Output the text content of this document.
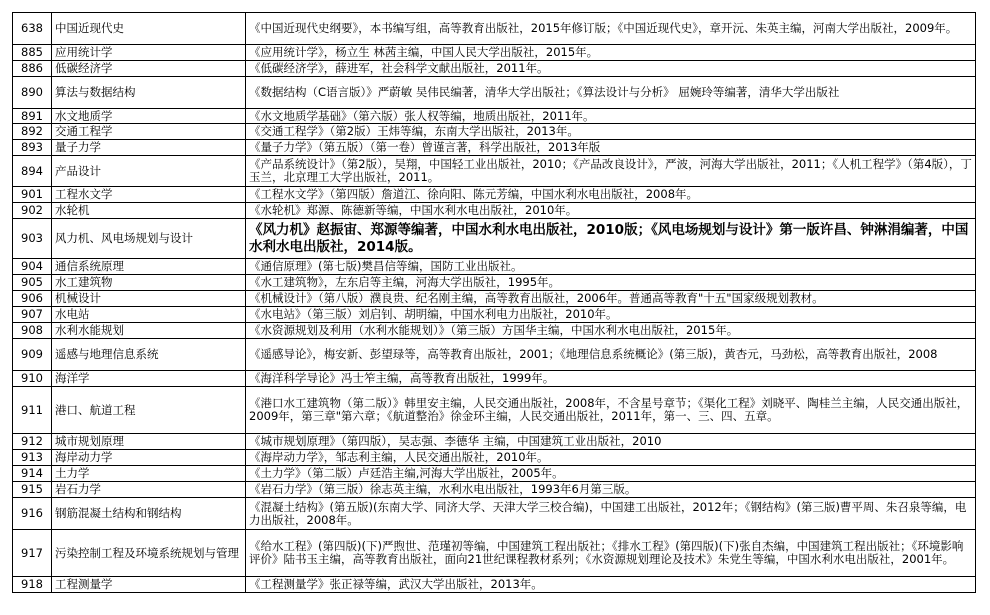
638	中国近现代史	《中国近现代史纲要》，本书编写组，高等教育出版社，2015年修订版；《中国近现代史》，章开沅、朱英主编，河南大学出版社，2009年。
885	应用统计学	《应用统计学》，杨立生 林茜主编，中国人民大学出版社，2015年。
886	低碳经济学	《低碳经济学》，薛进军，社会科学文献出版社，2011年。
890	算法与数据结构	《数据结构（C语言版）》严蔚敏 吴伟民编著，清华大学出版社；《算法设计与分析》 屈婉玲等编著，清华大学出版社
891	水文地质学	《水文地质学基础》（第六版）张人权等编，地质出版社，2011年。
892	交通工程学	《交通工程学》（第2版）王炜等编，东南大学出版社，2013年。
893	量子力学	《量子力学》（第五版）（第一卷）曾谨言著，科学出版社，2013年版
894	产品设计	《产品系统设计》（第2版），吴翔，中国轻工业出版社，2010；《产品改良设计》，严波，河海大学出版社，2011；《人机工程学》（第4版），丁玉兰，北京理工大学出版社，2011。
901	工程水文学	《工程水文学》（第四版）詹道江、徐向阳、陈元芳编，中国水利水电出版社，2008年。
902	水轮机	《水轮机》郑源、陈德新等编，中国水利水电出版社，2010年。
903	风力机、风电场规划与设计	《风力机》赵振宙、郑源等编著，中国水利水电出版社，2010版；《风电场规划与设计》第一版许昌、钟淋涓编著，中国水利水电出版社，2014版。
904	通信系统原理	《通信原理》(第七版)樊昌信等编，国防工业出版社。
905	水工建筑物	《水工建筑物》，左东启等主编，河海大学出版社，1995年。
906	机械设计	《机械设计》（第八版）濮良贵、纪名刚主编，高等教育出版社，2006年。普通高等教育"十五"国家级规划教材。
907	水电站	《水电站》（第三版）刘启钊、胡明编，中国水利电力出版社，2010年。
908	水利水能规划	《水资源规划及利用（水利水能规划）》（第三版）方国华主编，中国水利水电出版社，2015年。
909	遥感与地理信息系统	《遥感导论》，梅安新、彭望琭等，高等教育出版社，2001；《地理信息系统概论》(第三版)，黄杏元，马劲松，高等教育出版社，2008
910	海洋学	《海洋科学导论》冯士笮主编，高等教育出版社，1999年。
911	港口、航道工程	《港口水工建筑物（第二版）》韩里安主编，人民交通出版社，2008年，不含星号章节；《渠化工程》刘晓平、陶桂兰主编，人民交通出版社，2009年，第三章"第六章；《航道整治》徐金环主编，人民交通出版社，2011年，第一、三、四、五章。
912	城市规划原理	《城市规划原理》（第四版），吴志强、李德华 主编，中国建筑工业出版社，2010
913	海岸动力学	《海岸动力学》，邹志利主编，人民交通出版社，2010年。
914	土力学	《土力学》（第二版）卢廷浩主编,河海大学出版社，2005年。
915	岩石力学	《岩石力学》（第三版）徐志英主编，水利水电出版社，1993年6月第三版。
916	钢筋混凝土结构和钢结构	《混凝土结构》(第五版)(东南大学、同济大学、天津大学三校合编)，中国建工出版社，2012年；《钢结构》(第三版)曹平周、朱召泉等编，电力出版社，2008年。
917	污染控制工程及环境系统规划与管理	《给水工程》(第四版)(下)严煦世、范瑾初等编，中国建筑工程出版社；《排水工程》(第四版)(下)张自杰编，中国建筑工程出版社；《环境影响评价》陆书玉主编，高等教育出版社，面向21世纪课程教材系列；《水资源规划理论及技术》朱党生等编，中国水利水电出版社，2001年。
918	工程测量学	《工程测量学》张正禄等编，武汉大学出版社，2013年。
